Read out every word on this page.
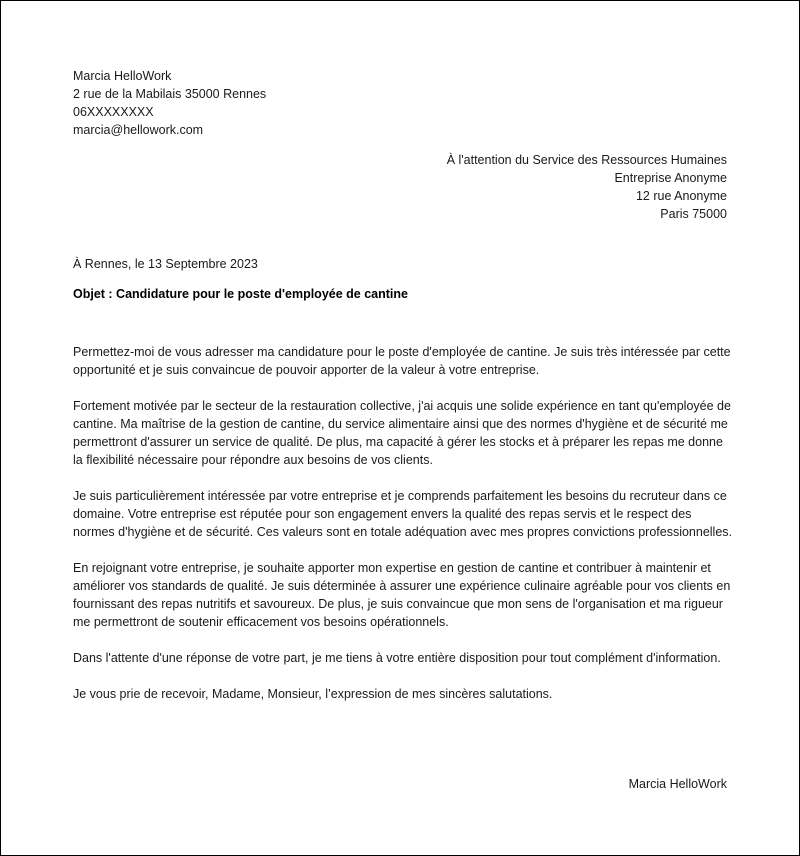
Marcia HelloWork
2 rue de la Mabilais 35000 Rennes
06XXXXXXXX
marcia@hellowork.com
À l'attention du Service des Ressources Humaines
Entreprise Anonyme
12 rue Anonyme
Paris 75000
À Rennes, le 13 Septembre 2023
Objet : Candidature pour le poste d'employée de cantine

Permettez-moi de vous adresser ma candidature pour le poste d'employée de cantine. Je suis très intéressée par cette opportunité et je suis convaincue de pouvoir apporter de la valeur à votre entreprise.

Fortement motivée par le secteur de la restauration collective, j'ai acquis une solide expérience en tant qu'employée de cantine. Ma maîtrise de la gestion de cantine, du service alimentaire ainsi que des normes d'hygiène et de sécurité me permettront d'assurer un service de qualité. De plus, ma capacité à gérer les stocks et à préparer les repas me donne la flexibilité nécessaire pour répondre aux besoins de vos clients.

Je suis particulièrement intéressée par votre entreprise et je comprends parfaitement les besoins du recruteur dans ce domaine. Votre entreprise est réputée pour son engagement envers la qualité des repas servis et le respect des normes d'hygiène et de sécurité. Ces valeurs sont en totale adéquation avec mes propres convictions professionnelles.

En rejoignant votre entreprise, je souhaite apporter mon expertise en gestion de cantine et contribuer à maintenir et améliorer vos standards de qualité. Je suis déterminée à assurer une expérience culinaire agréable pour vos clients en fournissant des repas nutritifs et savoureux. De plus, je suis convaincue que mon sens de l'organisation et ma rigueur me permettront de soutenir efficacement vos besoins opérationnels.

Dans l'attente d'une réponse de votre part, je me tiens à votre entière disposition pour tout complément d'information.

Je vous prie de recevoir, Madame, Monsieur, l’expression de mes sincères salutations.

Marcia HelloWork
